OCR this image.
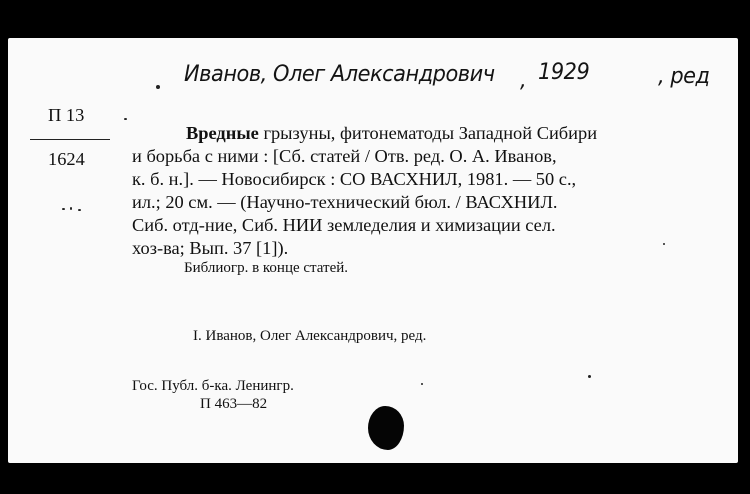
Иванов, Олег Александрович , 1929	, ред
П 13
1624
Вредные грызуны, фитонематоды Западной Сибири
и борьба с ними : [Сб. статей / Отв. ред. О. А. Иванов,
к. б. н.]. — Новосибирск : СО ВАСХНИЛ, 1981. — 50 с.,
ил.; 20 см. — (Научно-технический бюл. / ВАСХНИЛ.
Сиб. отд-ние, Сиб. НИИ земледелия и химизации сел.
хоз-ва; Вып. 37 [1]).
Библиогр. в конце статей.
I. Иванов, Олег Александрович, ред.
Гос. Публ. б-ка. Ленингр.
П 463—82
